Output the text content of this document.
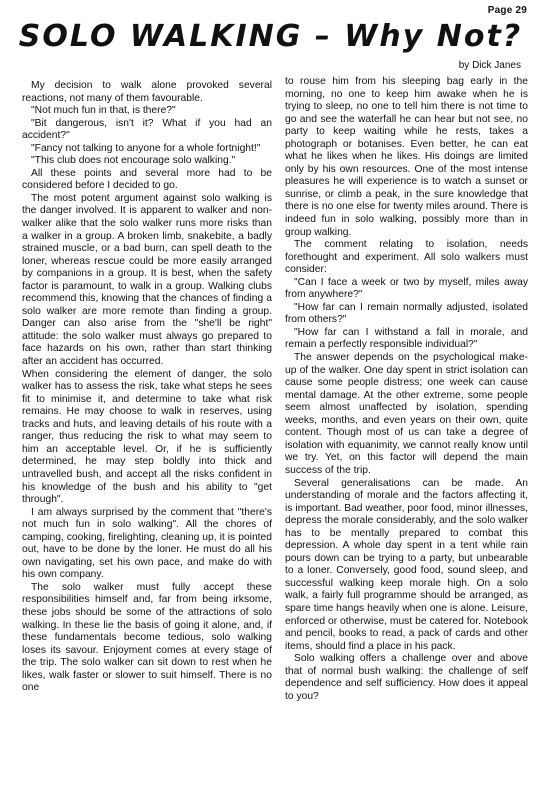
Page 29
SOLO WALKING – Why Not?
by Dick Janes

My decision to walk alone provoked several reactions, not many of them favourable.

"Not much fun in that, is there?"

"Bit dangerous, isn't it? What if you had an accident?"

"Fancy not talking to anyone for a whole fortnight!"

"This club does not encourage solo walking."

All these points and several more had to be considered before I decided to go.

The most potent argument against solo walking is the danger involved. It is apparent to walker and non-walker alike that the solo walker runs more risks than a walker in a group. A broken limb, snakebite, a badly strained muscle, or a bad burn, can spell death to the loner, whereas rescue could be more easily arranged by companions in a group. It is best, when the safety factor is paramount, to walk in a group. Walking clubs recommend this, knowing that the chances of finding a solo walker are more remote than finding a group. Danger can also arise from the "she'll be right" attitude: the solo walker must always go prepared to face hazards on his own, rather than start thinking after an accident has occurred.

When considering the element of danger, the solo walker has to assess the risk, take what steps he sees fit to minimise it, and determine to take what risk remains. He may choose to walk in reserves, using tracks and huts, and leaving details of his route with a ranger, thus reducing the risk to what may seem to him an acceptable level. Or, if he is sufficiently determined, he may step boldly into thick and untravelled bush, and accept all the risks confident in his knowledge of the bush and his ability to "get through".

I am always surprised by the comment that "there's not much fun in solo walking". All the chores of camping, cooking, firelighting, cleaning up, it is pointed out, have to be done by the loner. He must do all his own navigating, set his own pace, and make do with his own company.

The solo walker must fully accept these responsibilities himself and, far from being irksome, these jobs should be some of the attractions of solo walking. In these lie the basis of going it alone, and, if these fundamentals become tedious, solo walking loses its savour. Enjoyment comes at every stage of the trip. The solo walker can sit down to rest when he likes, walk faster or slower to suit himself. There is no one

to rouse him from his sleeping bag early in the morning, no one to keep him awake when he is trying to sleep, no one to tell him there is not time to go and see the waterfall he can hear but not see, no party to keep waiting while he rests, takes a photograph or botanises. Even better, he can eat what he likes when he likes. His doings are limited only by his own resources. One of the most intense pleasures he will experience is to watch a sunset or sunrise, or climb a peak, in the sure knowledge that there is no one else for twenty miles around. There is indeed fun in solo walking, possibly more than in group walking.

The comment relating to isolation, needs forethought and experiment. All solo walkers must consider:

"Can I face a week or two by myself, miles away from anywhere?"

"How far can I remain normally adjusted, isolated from others?"

"How far can I withstand a fall in morale, and remain a perfectly responsible individual?"

The answer depends on the psychological make-up of the walker. One day spent in strict isolation can cause some people distress; one week can cause mental damage. At the other extreme, some people seem almost unaffected by isolation, spending weeks, months, and even years on their own, quite content. Though most of us can take a degree of isolation with equanimity, we cannot really know until we try. Yet, on this factor will depend the main success of the trip.

Several generalisations can be made. An understanding of morale and the factors affecting it, is important. Bad weather, poor food, minor illnesses, depress the morale considerably, and the solo walker has to be mentally prepared to combat this depression. A whole day spent in a tent while rain pours down can be trying to a party, but unbearable to a loner. Conversely, good food, sound sleep, and successful walking keep morale high. On a solo walk, a fairly full programme should be arranged, as spare time hangs heavily when one is alone. Leisure, enforced or otherwise, must be catered for. Notebook and pencil, books to read, a pack of cards and other items, should find a place in his pack.

Solo walking offers a challenge over and above that of normal bush walking: the challenge of self dependence and self sufficiency. How does it appeal to you?
